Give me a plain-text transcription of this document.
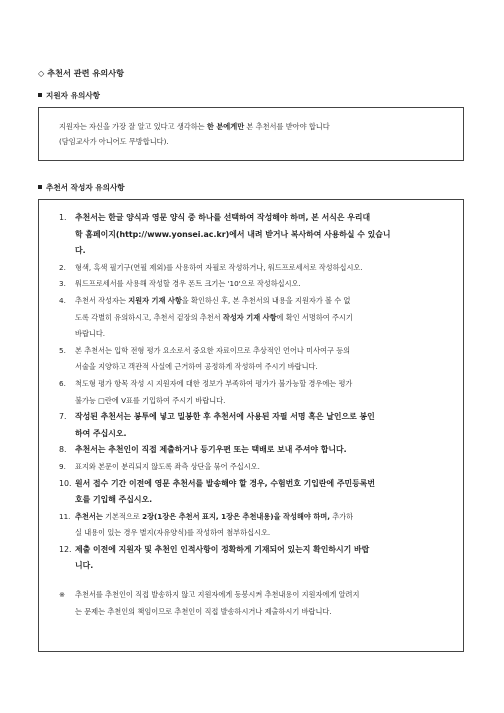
◇ 추천서 관련 유의사항
지원자 유의사항
지원자는 자신을 가장 잘 알고 있다고 생각하는 한 분에게만 본 추천서를 받아야 합니다
(담임교사가 아니어도 무방합니다).
추천서 작성자 유의사항
1. 추천서는 한글 양식과 영문 양식 중 하나를 선택하여 작성해야 하며, 본 서식은 우리대
학 홈페이지(http://www.yonsei.ac.kr)에서 내려 받거나 복사하여 사용하실 수 있습니
다.
2. 형색, 흑색 필기구(연필 제외)를 사용하여 자필로 작성하거나, 워드프로세서로 작성하십시오.
3. 워드프로세서를 사용해 작성할 경우 폰트 크기는 '10'으로 작성하십시오.
4. 추천서 작성자는 지원자 기재 사항을 확인하신 후, 본 추천서의 내용을 지원자가 볼 수 없
도록 각별히 유의하시고, 추천서 겉장의 추천서 작성자 기재 사항에 확인 서명하여 주시기
바랍니다.
5. 본 추천서는 입학 전형 평가 요소로서 중요한 자료이므로 추상적인 언어나 미사여구 등의
서술을 지양하고 객관적 사실에 근거하여 공정하게 작성하여 주시기 바랍니다.
6. 척도형 평가 항목 작성 시 지원자에 대한 정보가 부족하여 평가가 불가능할 경우에는 평가
불가능 □란에 V표를 기입하여 주시기 바랍니다.
7. 작성된 추천서는 봉투에 넣고 밀봉한 후 추천서에 사용된 자필 서명 혹은 날인으로 봉인
하여 주십시오.
8. 추천서는 추천인이 직접 제출하거나 등기우편 또는 택배로 보내 주셔야 합니다.
9. 표지와 본문이 분리되지 않도록 좌측 상단을 묶어 주십시오.
10. 원서 접수 기간 이전에 영문 추천서를 발송해야 할 경우, 수험번호 기입란에 주민등록번
호를 기입해 주십시오.
11. 추천서는 기본적으로 2장(1장은 추천서 표지, 1장은 추천내용)을 작성해야 하며, 추가하
실 내용이 있는 경우 별지(자유양식)를 작성하여 첨부하십시오.
12. 제출 이전에 지원자 및 추천인 인적사항이 정확하게 기재되어 있는지 확인하시기 바랍
니다.
※ 추천서를 추천인이 직접 발송하지 않고 지원자에게 동봉시켜 추천내용이 지원자에게 알려지
는 문제는 추천인의 책임이므로 추천인이 직접 발송하시거나 제출하시기 바랍니다.
